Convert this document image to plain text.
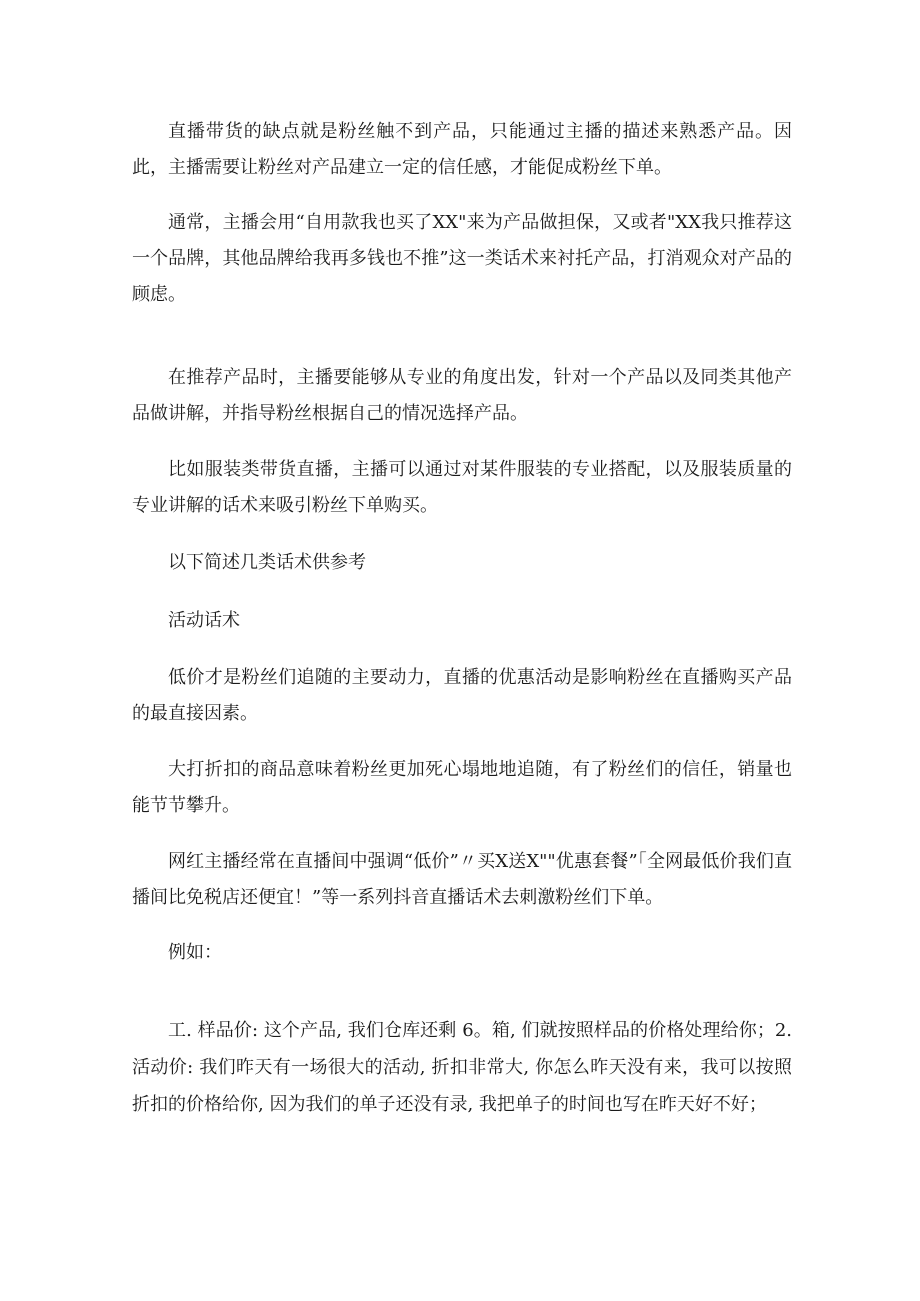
直播带货的缺点就是粉丝触不到产品，只能通过主播的描述来熟悉产品。因此，主播需要让粉丝对产品建立一定的信任感，才能促成粉丝下单。

通常，主播会用“自用款我也买了XX"来为产品做担保，又或者"XX我只推荐这一个品牌，其他品牌给我再多钱也不推”这一类话术来衬托产品，打消观众对产品的顾虑。

在推荐产品时，主播要能够从专业的角度出发，针对一个产品以及同类其他产品做讲解，并指导粉丝根据自己的情况选择产品。

比如服装类带货直播，主播可以通过对某件服装的专业搭配，以及服装质量的专业讲解的话术来吸引粉丝下单购买。

以下简述几类话术供参考

活动话术

低价才是粉丝们追随的主要动力，直播的优惠活动是影响粉丝在直播购买产品的最直接因素。

大打折扣的商品意味着粉丝更加死心塌地地追随，有了粉丝们的信任，销量也能节节攀升。

网红主播经常在直播间中强调“低价”〃买X送X""优惠套餐”「全网最低价我们直播间比免税店还便宜！”等一系列抖音直播话术去刺激粉丝们下单。

例如：

工. 样品价: 这个产品, 我们仓库还剩 6。箱, 们就按照样品的价格处理给你；2. 活动价: 我们昨天有一场很大的活动, 折扣非常大, 你怎么昨天没有来，我可以按照折扣的价格给你, 因为我们的单子还没有录, 我把单子的时间也写在昨天好不好；
